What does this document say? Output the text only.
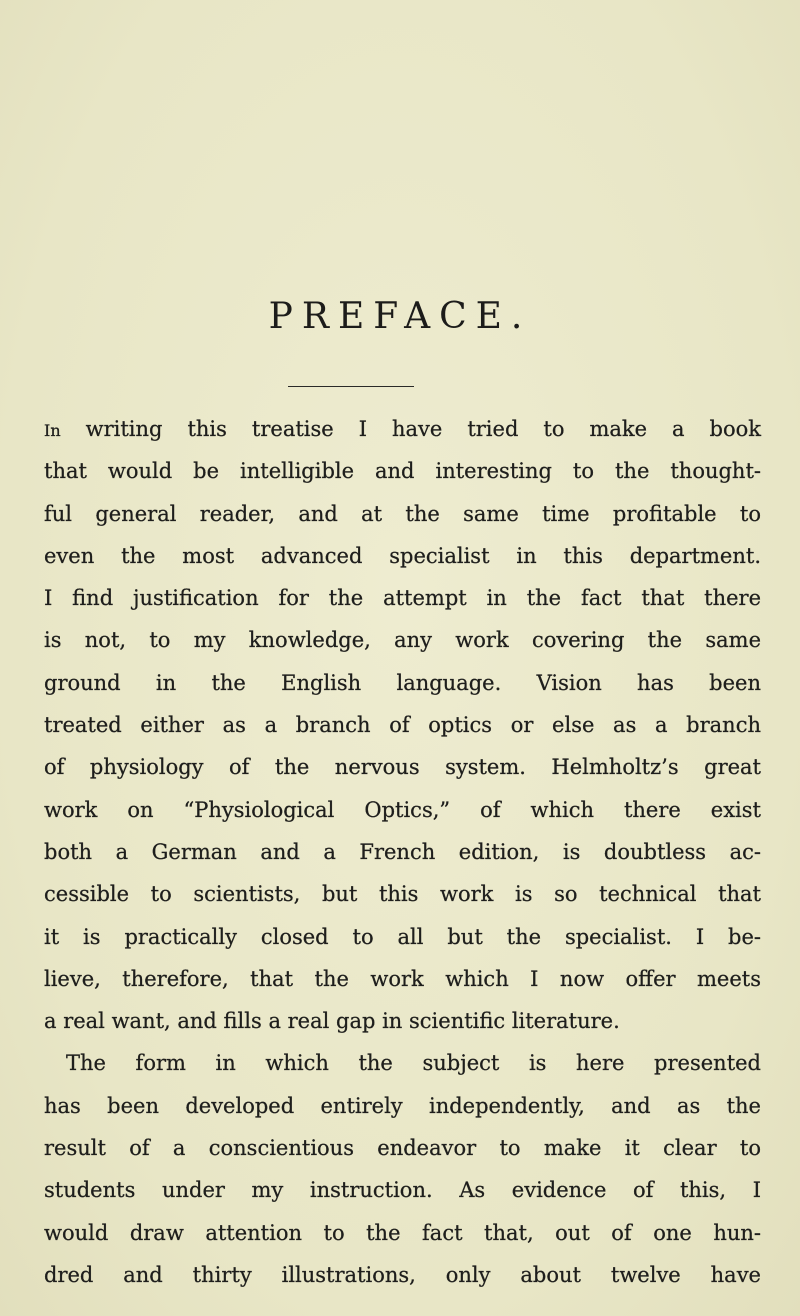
PREFACE.
In writing this treatise I have tried to make a book
that would be intelligible and interesting to the thought-
ful general reader, and at the same time profitable to
even the most advanced specialist in this department.
I find justification for the attempt in the fact that there
is not, to my knowledge, any work covering the same
ground in the English language. Vision has been
treated either as a branch of optics or else as a branch
of physiology of the nervous system. Helmholtz’s great
work on “Physiological Optics,” of which there exist
both a German and a French edition, is doubtless ac-
cessible to scientists, but this work is so technical that
it is practically closed to all but the specialist. I be-
lieve, therefore, that the work which I now offer meets
a real want, and fills a real gap in scientific literature.
The form in which the subject is here presented
has been developed entirely independently, and as the
result of a conscientious endeavor to make it clear to
students under my instruction. As evidence of this, I
would draw attention to the fact that, out of one hun-
dred and thirty illustrations, only about twelve have
